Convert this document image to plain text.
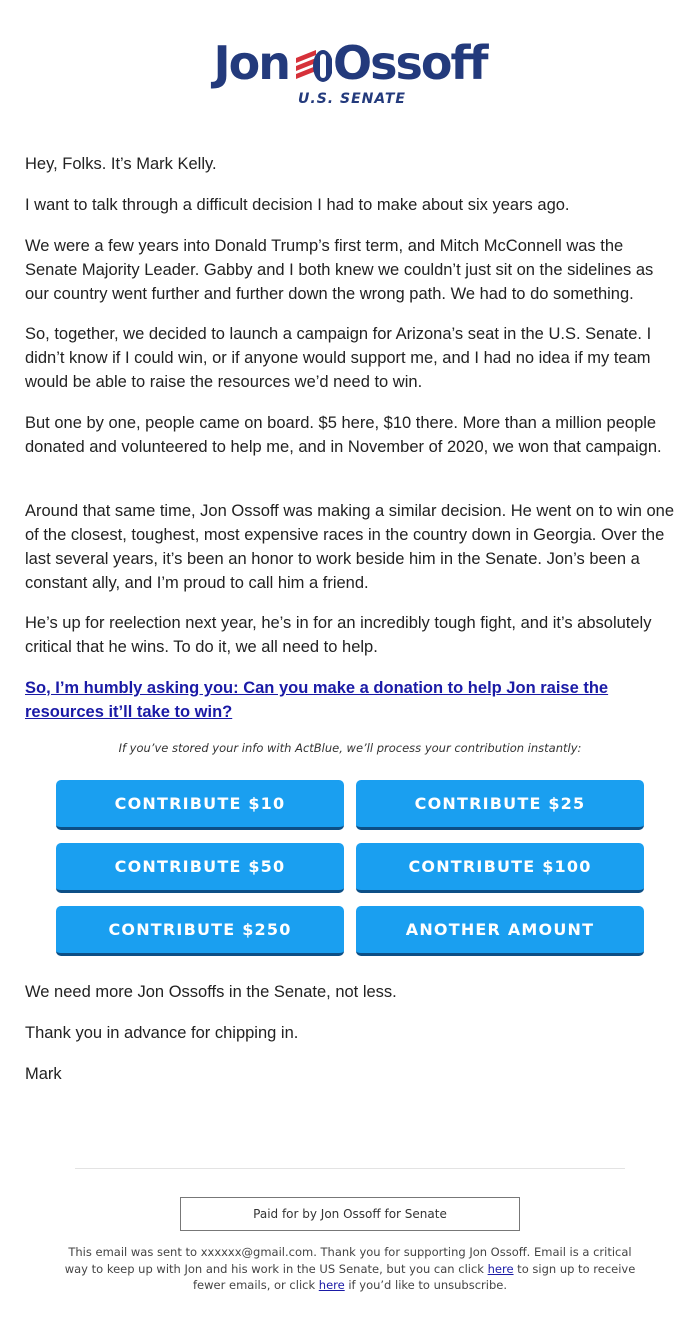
Jon Ossoff
U.S. SENATE

Hey, Folks. It’s Mark Kelly.

I want to talk through a difficult decision I had to make about six years ago.

We were a few years into Donald Trump’s first term, and Mitch McConnell was the Senate Majority Leader. Gabby and I both knew we couldn’t just sit on the sidelines as our country went further and further down the wrong path. We had to do something.

So, together, we decided to launch a campaign for Arizona’s seat in the U.S. Senate. I didn’t know if I could win, or if anyone would support me, and I had no idea if my team would be able to raise the resources we’d need to win.

But one by one, people came on board. $5 here, $10 there. More than a million people donated and volunteered to help me, and in November of 2020, we won that campaign.

Around that same time, Jon Ossoff was making a similar decision. He went on to win one of the closest, toughest, most expensive races in the country down in Georgia. Over the last several years, it’s been an honor to work beside him in the Senate. Jon’s been a constant ally, and I’m proud to call him a friend.

He’s up for reelection next year, he’s in for an incredibly tough fight, and it’s absolutely critical that he wins. To do it, we all need to help.

So, I’m humbly asking you: Can you make a donation to help Jon raise the resources it’ll take to win?
If you’ve stored your info with ActBlue, we’ll process your contribution instantly:
CONTRIBUTE $10	CONTRIBUTE $25
CONTRIBUTE $50	CONTRIBUTE $100
CONTRIBUTE $250	ANOTHER AMOUNT

We need more Jon Ossoffs in the Senate, not less.

Thank you in advance for chipping in.

Mark

Paid for by Jon Ossoff for Senate
This email was sent to xxxxxx@gmail.com. Thank you for supporting Jon Ossoff. Email is a critical way to keep up with Jon and his work in the US Senate, but you can click here to sign up to receive fewer emails, or click here if you’d like to unsubscribe.
